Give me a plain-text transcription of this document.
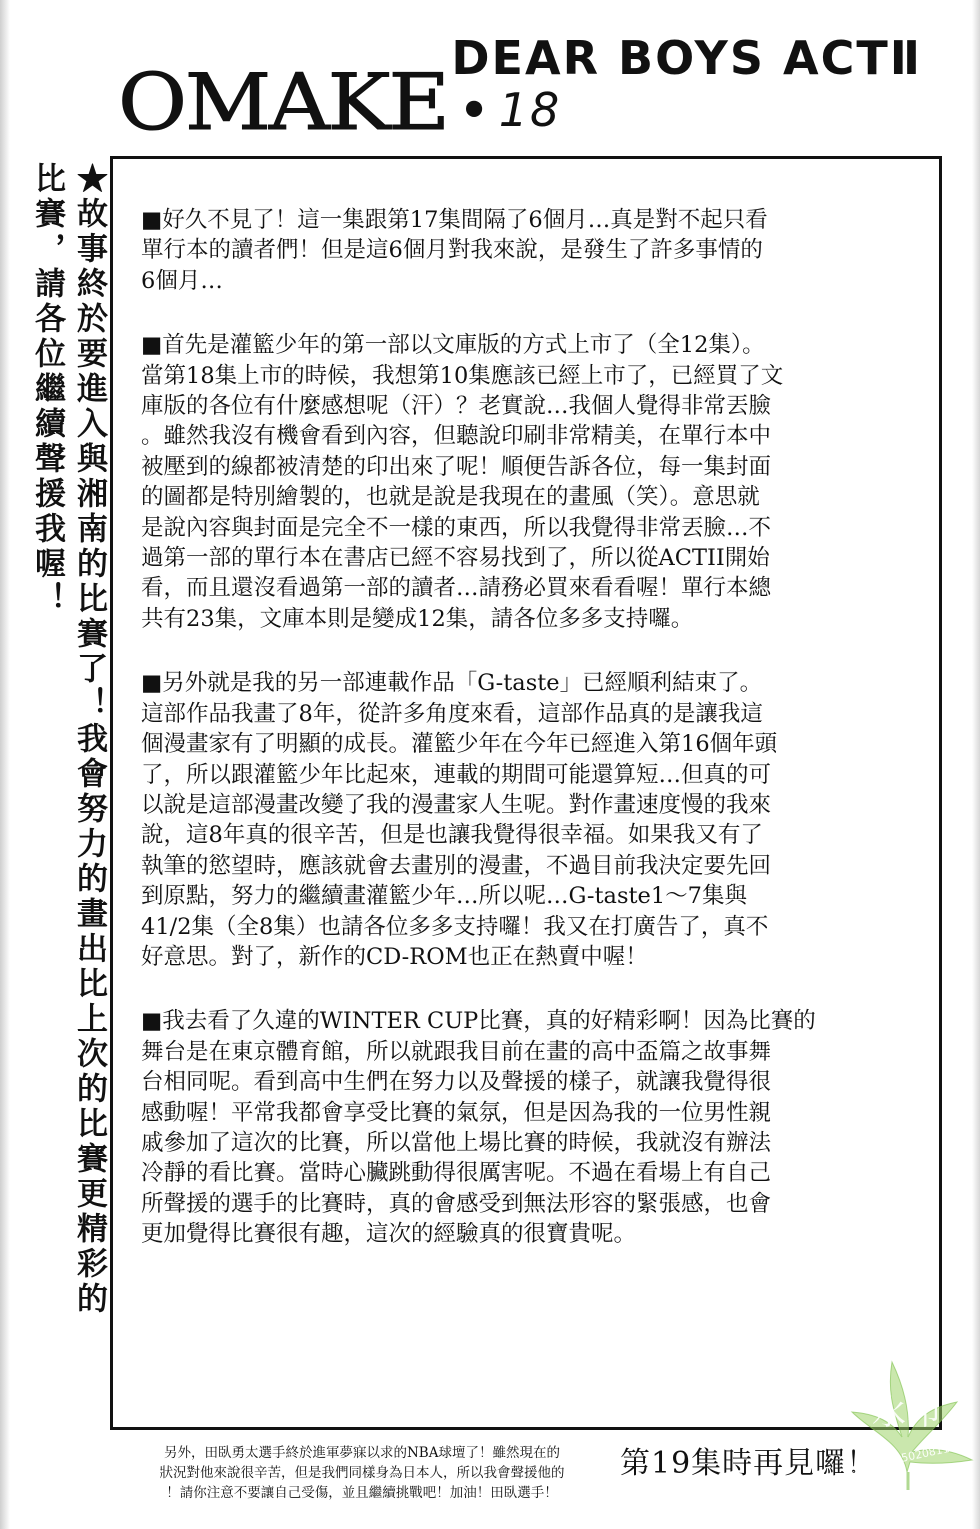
OMAKE DEAR BOYS ACTⅡ• 18
★故事終於要進入與湘南的比賽了！我會努力的畫出比上次的比賽更精彩的比賽，請各位繼續聲援我喔！	■好久不見了！這一集跟第17集間隔了6個月…真是對不起只看
單行本的讀者們！但是這6個月對我來說，是發生了許多事情的
6個月…

■首先是灌籃少年的第一部以文庫版的方式上市了（全12集）。
當第18集上市的時候，我想第10集應該已經上市了，已經買了文
庫版的各位有什麼感想呢（汗）？老實說…我個人覺得非常丟臉
。雖然我沒有機會看到內容，但聽說印刷非常精美，在單行本中
被壓到的線都被清楚的印出來了呢！順便告訴各位，每一集封面
的圖都是特別繪製的，也就是說是我現在的畫風（笑）。意思就
是說內容與封面是完全不一樣的東西，所以我覺得非常丟臉…不
過第一部的單行本在書店已經不容易找到了，所以從ACTII開始
看，而且還沒看過第一部的讀者…請務必買來看看喔！單行本總
共有23集，文庫本則是變成12集，請各位多多支持囉。

■另外就是我的另一部連載作品「G-taste」已經順利結束了。
這部作品我畫了8年，從許多角度來看，這部作品真的是讓我這
個漫畫家有了明顯的成長。灌籃少年在今年已經進入第16個年頭
了，所以跟灌籃少年比起來，連載的期間可能還算短…但真的可
以說是這部漫畫改變了我的漫畫家人生呢。對作畫速度慢的我來
說，這8年真的很辛苦，但是也讓我覺得很幸福。如果我又有了
執筆的慾望時，應該就會去畫別的漫畫，不過目前我決定要先回
到原點，努力的繼續畫灌籃少年…所以呢…G-taste1～7集與
41/2集（全8集）也請各位多多支持囉！我又在打廣告了，真不
好意思。對了，新作的CD-ROM也正在熱賣中喔！

■我去看了久違的WINTER CUP比賽，真的好精彩啊！因為比賽的
舞台是在東京體育館，所以就跟我目前在畫的高中盃篇之故事舞
台相同呢。看到高中生們在努力以及聲援的樣子，就讓我覺得很
感動喔！平常我都會享受比賽的氣氛，但是因為我的一位男性親
戚參加了這次的比賽，所以當他上場比賽的時候，我就沒有辦法
冷靜的看比賽。當時心臟跳動得很厲害呢。不過在看場上有自己
所聲援的選手的比賽時，真的會感受到無法形容的緊張感，也會
更加覺得比賽很有趣，這次的經驗真的很寶貴呢。

另外，田臥勇太選手終於進軍夢寐以求的NBA球壇了！雖然現在的
狀況對他來說很辛苦，但是我們同樣身為日本人，所以我會聲援他的
！請你注意不要讓自己受傷，並且繼續挑戰吧！加油！田臥選手！
第19集時再見囉！
水印
scan by 605020811
